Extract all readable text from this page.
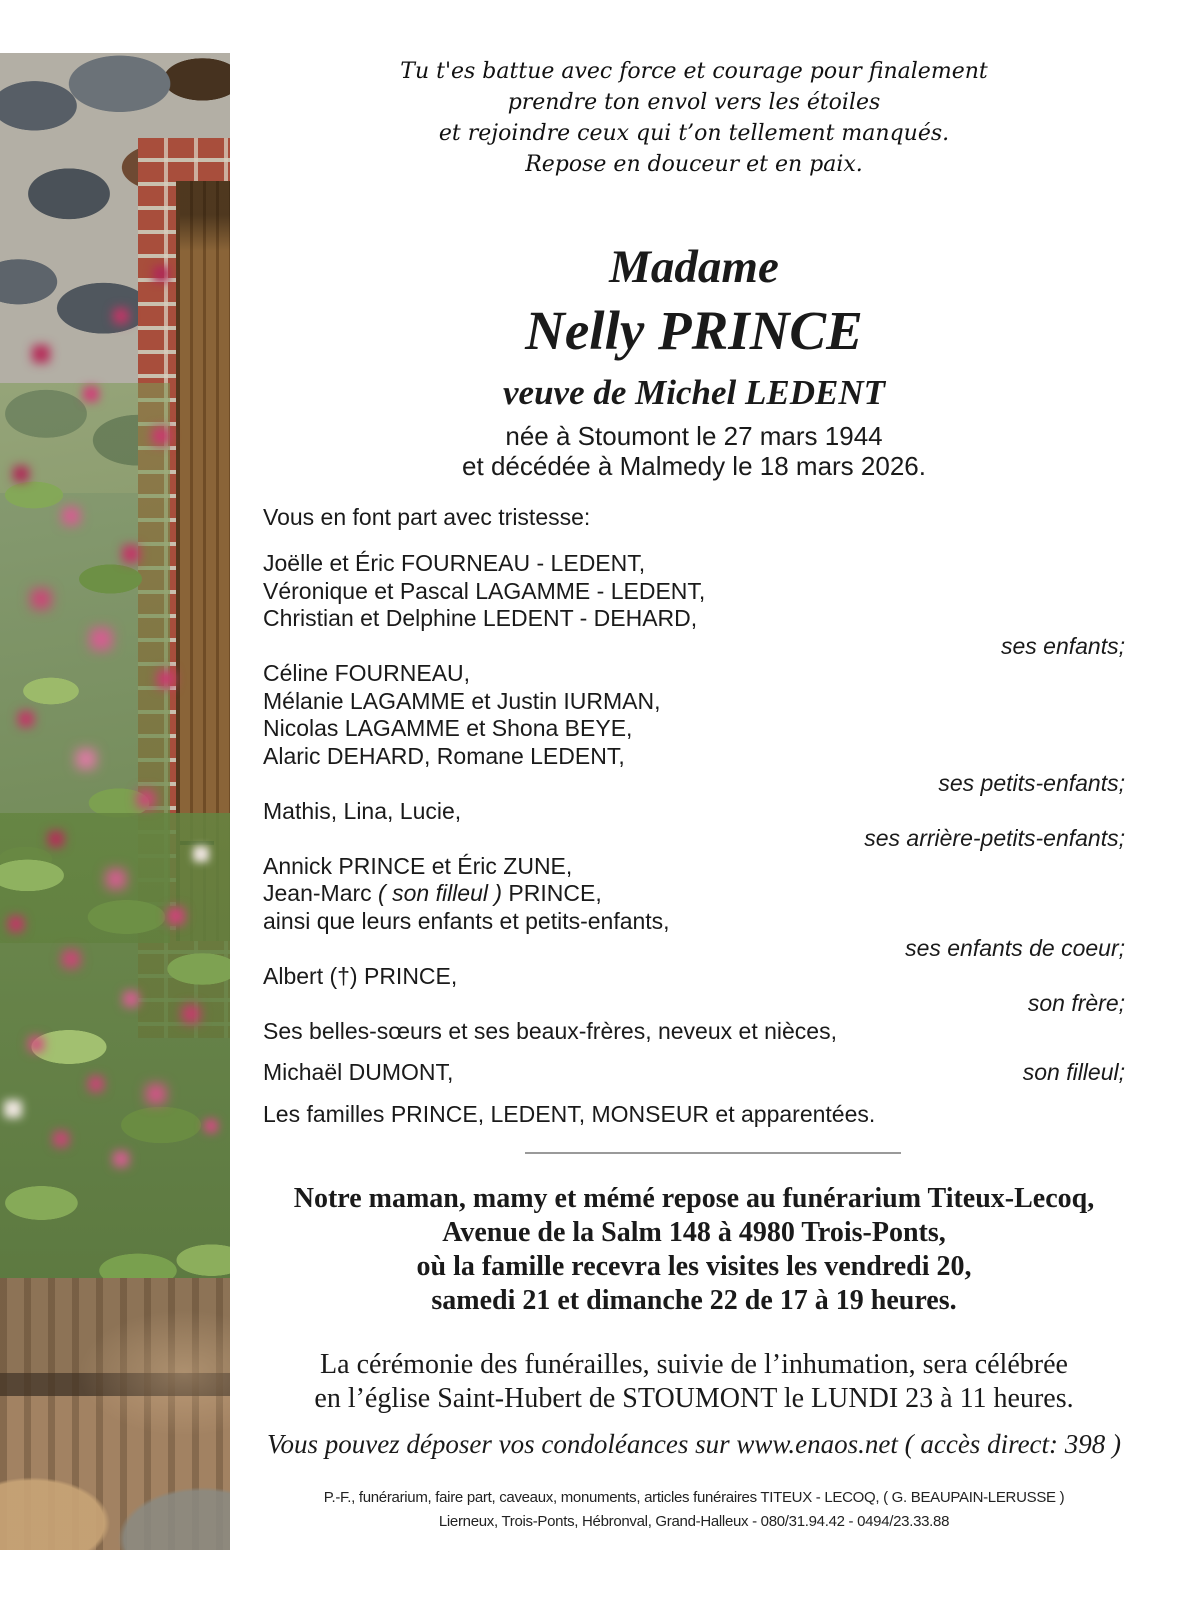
Tu t'es battue avec force et courage pour finalement
prendre ton envol vers les étoiles
et rejoindre ceux qui t’on tellement manqués.
Repose en douceur et en paix.
Madame
Nelly PRINCE
veuve de Michel LEDENT
née à Stoumont le 27 mars 1944
et décédée à Malmedy le 18 mars 2026.
Vous en font part avec tristesse:
Joëlle et Éric FOURNEAU - LEDENT,
Véronique et Pascal LAGAMME - LEDENT,
Christian et Delphine LEDENT - DEHARD,
ses enfants;
Céline FOURNEAU,
Mélanie LAGAMME et Justin IURMAN,
Nicolas LAGAMME et Shona BEYE,
Alaric DEHARD, Romane LEDENT,
ses petits-enfants;
Mathis, Lina, Lucie,
ses arrière-petits-enfants;
Annick PRINCE et Éric ZUNE,
Jean-Marc ( son filleul ) PRINCE,
ainsi que leurs enfants et petits-enfants,
ses enfants de coeur;
Albert (†) PRINCE,
son frère;
Ses belles-sœurs et ses beaux-frères, neveux et nièces,
Michaël DUMONT,	son filleul;
Les familles PRINCE, LEDENT, MONSEUR et apparentées.
Notre maman, mamy et mémé repose au funérarium Titeux-Lecoq,
Avenue de la Salm 148 à 4980 Trois-Ponts,
où la famille recevra les visites les vendredi 20,
samedi 21 et dimanche 22 de 17 à 19 heures.
La cérémonie des funérailles, suivie de l’inhumation, sera célébrée
en l’église Saint-Hubert de STOUMONT le LUNDI 23 à 11 heures.
Vous pouvez déposer vos condoléances sur www.enaos.net ( accès direct: 398 )
P.-F., funérarium, faire part, caveaux, monuments, articles funéraires TITEUX - LECOQ, ( G. BEAUPAIN-LERUSSE )
Lierneux, Trois-Ponts, Hébronval, Grand-Halleux - 080/31.94.42 - 0494/23.33.88
